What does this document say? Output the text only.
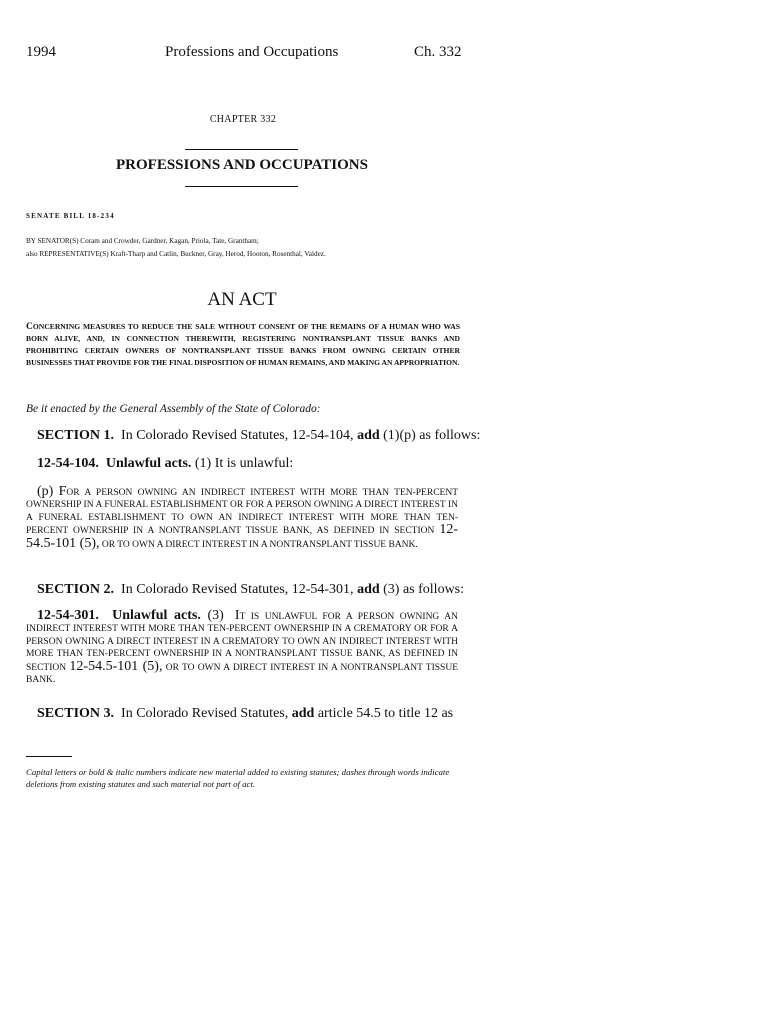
1994	Professions and Occupations	Ch. 332
CHAPTER 332
PROFESSIONS AND OCCUPATIONS
SENATE BILL 18-234
BY SENATOR(S) Coram and Crowder, Gardner, Kagan, Priola, Tate, Grantham;
also REPRESENTATIVE(S) Kraft-Tharp and Catlin, Buckner, Gray, Herod, Hooton, Rosenthal, Valdez.
AN ACT
CONCERNING MEASURES TO REDUCE THE SALE WITHOUT CONSENT OF THE REMAINS OF A HUMAN WHO WAS BORN ALIVE, AND, IN CONNECTION THEREWITH, REGISTERING NONTRANSPLANT TISSUE BANKS AND PROHIBITING CERTAIN OWNERS OF NONTRANSPLANT TISSUE BANKS FROM OWNING CERTAIN OTHER BUSINESSES THAT PROVIDE FOR THE FINAL DISPOSITION OF HUMAN REMAINS, AND MAKING AN APPROPRIATION.
Be it enacted by the General Assembly of the State of Colorado:
SECTION 1. In Colorado Revised Statutes, 12-54-104, add (1)(p) as follows:
12-54-104. Unlawful acts. (1) It is unlawful:
(p) FOR A PERSON OWNING AN INDIRECT INTEREST WITH MORE THAN TEN-PERCENT OWNERSHIP IN A FUNERAL ESTABLISHMENT OR FOR A PERSON OWNING A DIRECT INTEREST IN A FUNERAL ESTABLISHMENT TO OWN AN INDIRECT INTEREST WITH MORE THAN TEN-PERCENT OWNERSHIP IN A NONTRANSPLANT TISSUE BANK, AS DEFINED IN SECTION 12-54.5-101 (5), OR TO OWN A DIRECT INTEREST IN A NONTRANSPLANT TISSUE BANK.
SECTION 2. In Colorado Revised Statutes, 12-54-301, add (3) as follows:
12-54-301. Unlawful acts. (3) IT IS UNLAWFUL FOR A PERSON OWNING AN INDIRECT INTEREST WITH MORE THAN TEN-PERCENT OWNERSHIP IN A CREMATORY OR FOR A PERSON OWNING A DIRECT INTEREST IN A CREMATORY TO OWN AN INDIRECT INTEREST WITH MORE THAN TEN-PERCENT OWNERSHIP IN A NONTRANSPLANT TISSUE BANK, AS DEFINED IN SECTION 12-54.5-101 (5), OR TO OWN A DIRECT INTEREST IN A NONTRANSPLANT TISSUE BANK.
SECTION 3. In Colorado Revised Statutes, add article 54.5 to title 12 as
Capital letters or bold & italic numbers indicate new material added to existing statutes; dashes through words indicate deletions from existing statutes and such material not part of act.
